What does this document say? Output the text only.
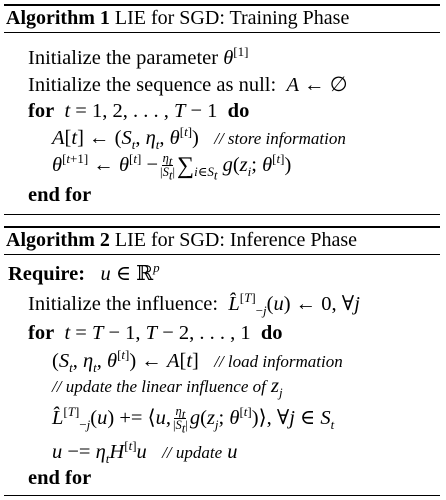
Algorithm 1 LIE for SGD: Training Phase
Initialize the parameter θ[1]
Initialize the sequence as null: A ← ∅
for t = 1, 2, . . . , T − 1  do
A[t] ← ($S_t$, $\eta_t$, θ[t])   // store information
θ[t+1] ← $\theta[t] - \frac{\eta_t}{|S_t|} \sum_{i\in S_t}$ $g(z_i$; θ[t])
end for
Algorithm 2 LIE for SGD: Inference Phase
Require: u ∈ ℝ$^p$
Initialize the influence: $L̂[T]_{-j}(u)$ ← 0, ∀j
for t = T − 1, T − 2, . . . , 1  do
($S_t$, $\eta_t$, θ[t]) ← A[t]   // load information
// update the linear influence of $z_j$
$L̂[T]_{-j}(u)$ += ⟨u, $\frac{\eta_t}{|S_t|} g(z_j$; θ[t])⟩, ∀j ∈ $S_t$
$u -= \eta_tH[t]u$ // update u
end for
